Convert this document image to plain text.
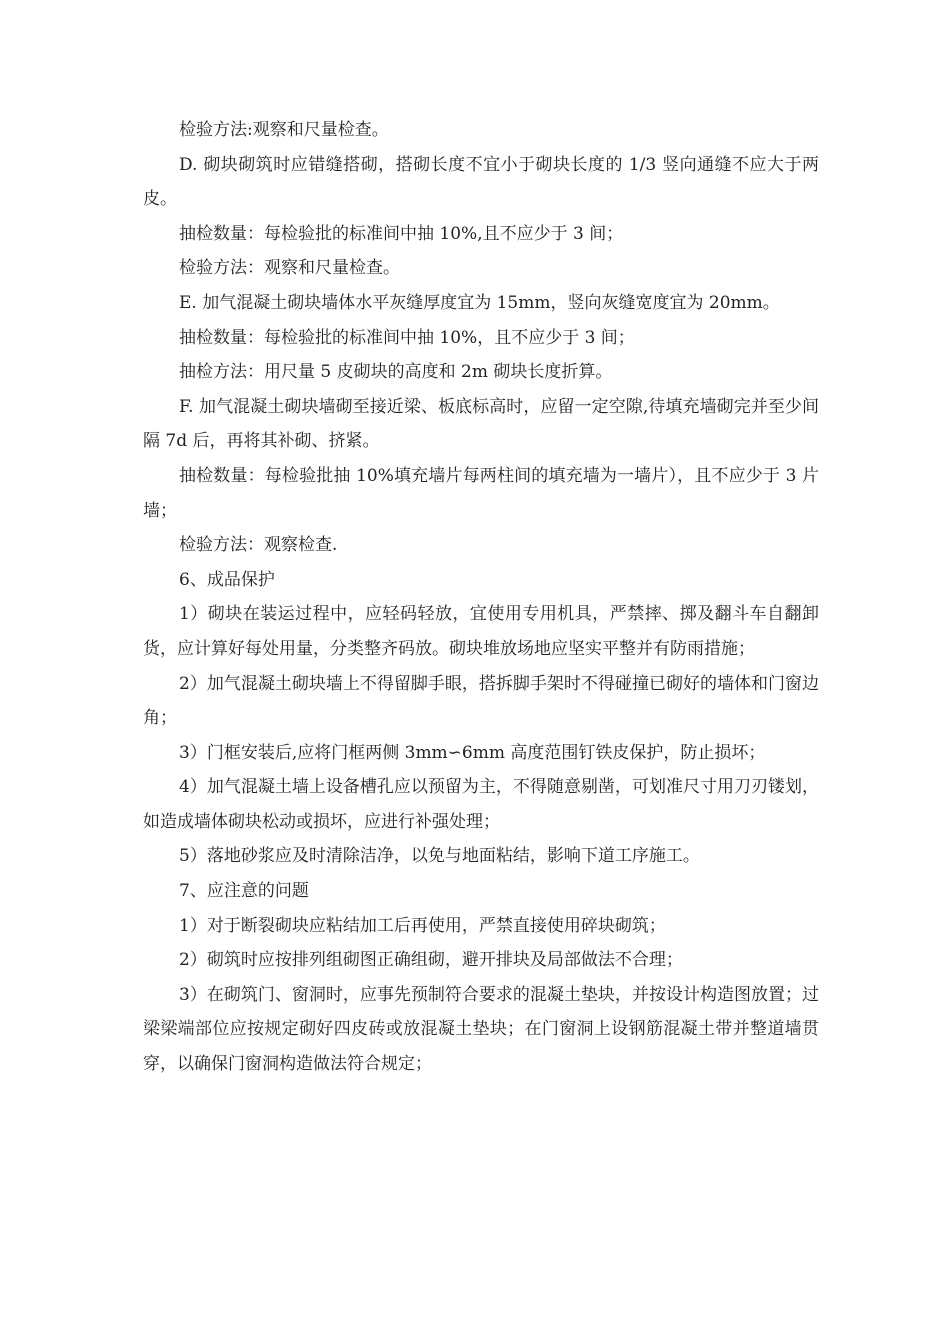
检验方法:观察和尺量检查。

D. 砌块砌筑时应错缝搭砌，搭砌长度不宜小于砌块长度的 1/3 竖向通缝不应大于两皮。

抽检数量：每检验批的标准间中抽 10%,且不应少于 3 间；

检验方法：观察和尺量检查。

E. 加气混凝土砌块墙体水平灰缝厚度宜为 15mm，竖向灰缝宽度宜为 20mm。

抽检数量：每检验批的标准间中抽 10%，且不应少于 3 间；

抽检方法：用尺量 5 皮砌块的高度和 2m 砌块长度折算。

F. 加气混凝土砌块墙砌至接近梁、板底标高时，应留一定空隙,待填充墙砌完并至少间隔 7d 后，再将其补砌、挤紧。

抽检数量：每检验批抽 10%填充墙片每两柱间的填充墙为一墙片），且不应少于 3 片墙；

检验方法：观察检查.

6、成品保护

1）砌块在装运过程中，应轻码轻放，宜使用专用机具，严禁摔、掷及翻斗车自翻卸货，应计算好每处用量，分类整齐码放。砌块堆放场地应坚实平整并有防雨措施；

2）加气混凝土砌块墙上不得留脚手眼，搭拆脚手架时不得碰撞已砌好的墙体和门窗边角；

3）门框安装后,应将门框两侧 3mm∽6mm 高度范围钉铁皮保护，防止损坏；

4）加气混凝土墙上设备槽孔应以预留为主，不得随意剔凿，可划准尺寸用刀刃镂划，如造成墙体砌块松动或损坏，应进行补强处理；

5）落地砂浆应及时清除洁净，以免与地面粘结，影响下道工序施工。

7、应注意的问题

1）对于断裂砌块应粘结加工后再使用，严禁直接使用碎块砌筑；

2）砌筑时应按排列组砌图正确组砌，避开排块及局部做法不合理；

3）在砌筑门、窗洞时，应事先预制符合要求的混凝土垫块，并按设计构造图放置；过梁梁端部位应按规定砌好四皮砖或放混凝土垫块；在门窗洞上设钢筋混凝土带并整道墙贯穿，以确保门窗洞构造做法符合规定；
